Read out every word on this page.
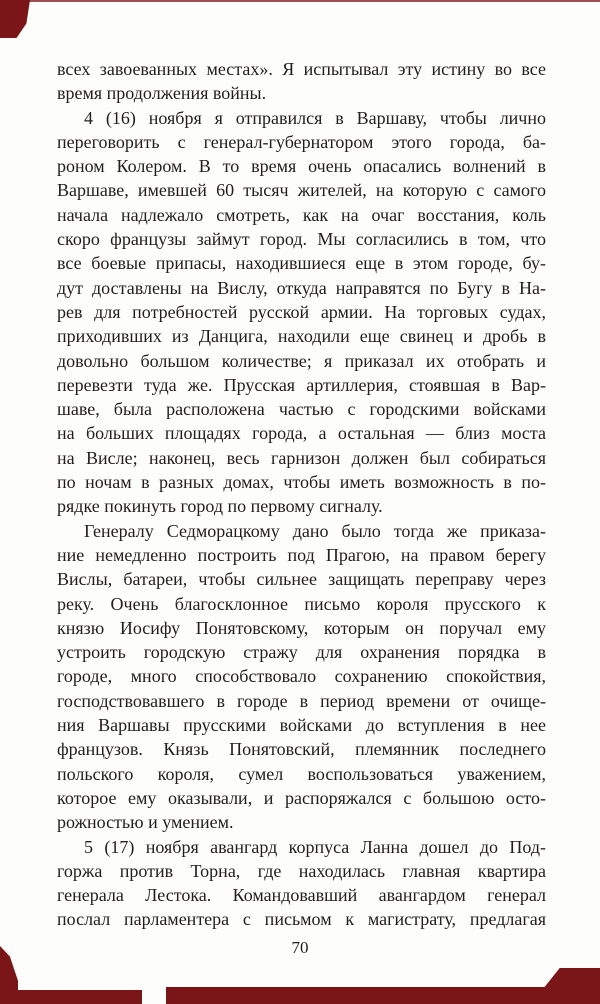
всех завоеванных местах». Я испытывал эту истину во все
время продолжения войны.
4 (16) ноября я отправился в Варшаву, чтобы лично
переговорить с генерал-губернатором этого города, ба-
роном Колером. В то время очень опасались волнений в
Варшаве, имевшей 60 тысяч жителей, на которую с самого
начала надлежало смотреть, как на очаг восстания, коль
скоро французы займут город. Мы согласились в том, что
все боевые припасы, находившиеся еще в этом городе, бу-
дут доставлены на Вислу, откуда направятся по Бугу в На-
рев для потребностей русской армии. На торговых судах,
приходивших из Данцига, находили еще свинец и дробь в
довольно большом количестве; я приказал их отобрать и
перевезти туда же. Прусская артиллерия, стоявшая в Вар-
шаве, была расположена частью с городскими войсками
на больших площадях города, а остальная — близ моста
на Висле; наконец, весь гарнизон должен был собираться
по ночам в разных домах, чтобы иметь возможность в по-
рядке покинуть город по первому сигналу.
Генералу Седморацкому дано было тогда же приказа-
ние немедленно построить под Прагою, на правом берегу
Вислы, батареи, чтобы сильнее защищать переправу через
реку. Очень благосклонное письмо короля прусского к
князю Иосифу Понятовскому, которым он поручал ему
устроить городскую стражу для охранения порядка в
городе, много способствовало сохранению спокойствия,
господствовавшего в городе в период времени от очище-
ния Варшавы прусскими войсками до вступления в нее
французов. Князь Понятовский, племянник последнего
польского короля, сумел воспользоваться уважением,
которое ему оказывали, и распоряжался с большою осто-
рожностью и умением.
5 (17) ноября авангард корпуса Ланна дошел до Под-
горжа против Торна, где находилась главная квартира
генерала Лестока. Командовавший авангардом генерал
послал парламентера с письмом к магистрату, предлагая
70
